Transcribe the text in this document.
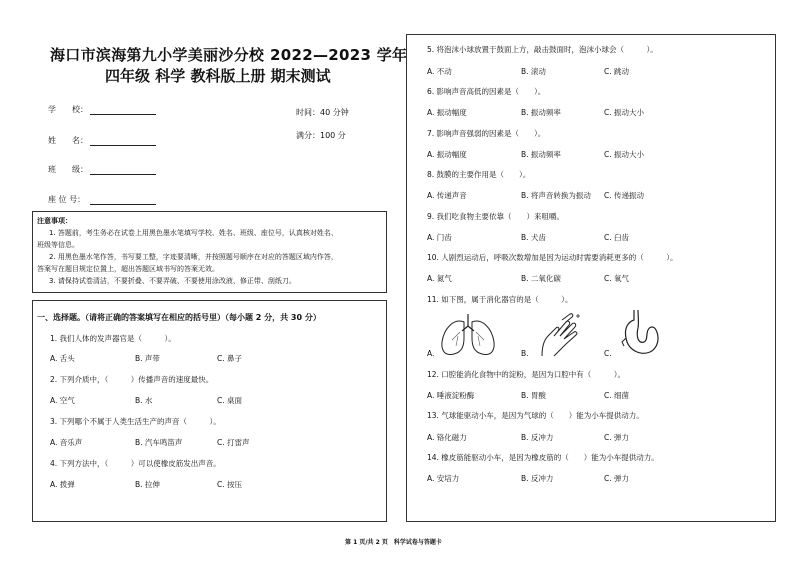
海口市滨海第九小学美丽沙分校 2022—2023 学年
四年级 科学 教科版上册 期末测试
学　　校：
姓　　名：
班　　级：
座 位 号：
时间：40 分钟
满分：100 分
注意事项：
1. 答题前，考生务必在试卷上用黑色墨水笔填写学校、姓名、班级、座位号，认真核对姓名、
班级等信息。
2. 用黑色墨水笔作答，书写要工整，字迹要清晰，并按照题号顺序在对应的答题区域内作答，
答案写在题目规定位置上，超出答题区域书写的答案无效。
3. 请保持试卷清洁，不要折叠、不要弄破、不要使用涂改液、修正带、刮纸刀。
一、选择题。（请将正确的答案填写在相应的括号里）（每小题 2 分，共 30 分）
1. 我们人体的发声器官是（　　　）。
A. 舌头	B. 声带	C. 鼻子
2. 下列介质中，（　　　）传播声音的速度最快。
A. 空气	B. 水	C. 桌面
3. 下列哪个不属于人类生活生产的声音（　　　）。
A. 音乐声	B. 汽车鸣笛声	C. 打雷声
4. 下列方法中，（　　　）可以使橡皮筋发出声音。
A. 拨弹	B. 拉伸	C. 按压
5. 将泡沫小球放置于鼓面上方，敲击鼓面时，泡沫小球会（　　　）。
A. 不动	B. 滚动	C. 跳动
6. 影响声音高低的因素是（　　）。
A. 振动幅度	B. 振动频率	C. 振动大小
7. 影响声音强弱的因素是（　　）。
A. 振动幅度	B. 振动频率	C. 振动大小
8. 鼓膜的主要作用是（　　）。
A. 传递声音	B. 将声音转换为振动 C. 传递振动
9. 我们吃食物主要依靠（　　）来咀嚼。
A. 门齿	B. 犬齿	C. 臼齿
10. 人剧烈运动后，呼吸次数增加是因为运动时需要消耗更多的（　　　）。
A. 氮气	B. 二氧化碳	C. 氧气
11. 如下图，属于消化器官的是（　　　）。
A.	B.	C.
12. 口腔能消化食物中的淀粉，是因为口腔中有（　　　）。
A. 唾液淀粉酶	B. 胃酸	C. 细菌
13. 气球能驱动小车，是因为气球的（　　）能为小车提供动力。
A. 铬化磁力	B. 反冲力	C. 弹力
14. 橡皮筋能驱动小车，是因为橡皮筋的（　　）能为小车提供动力。
A. 安培力	B. 反冲力	C. 弹力
第 1 页/共 2 页　科学试卷与答题卡
